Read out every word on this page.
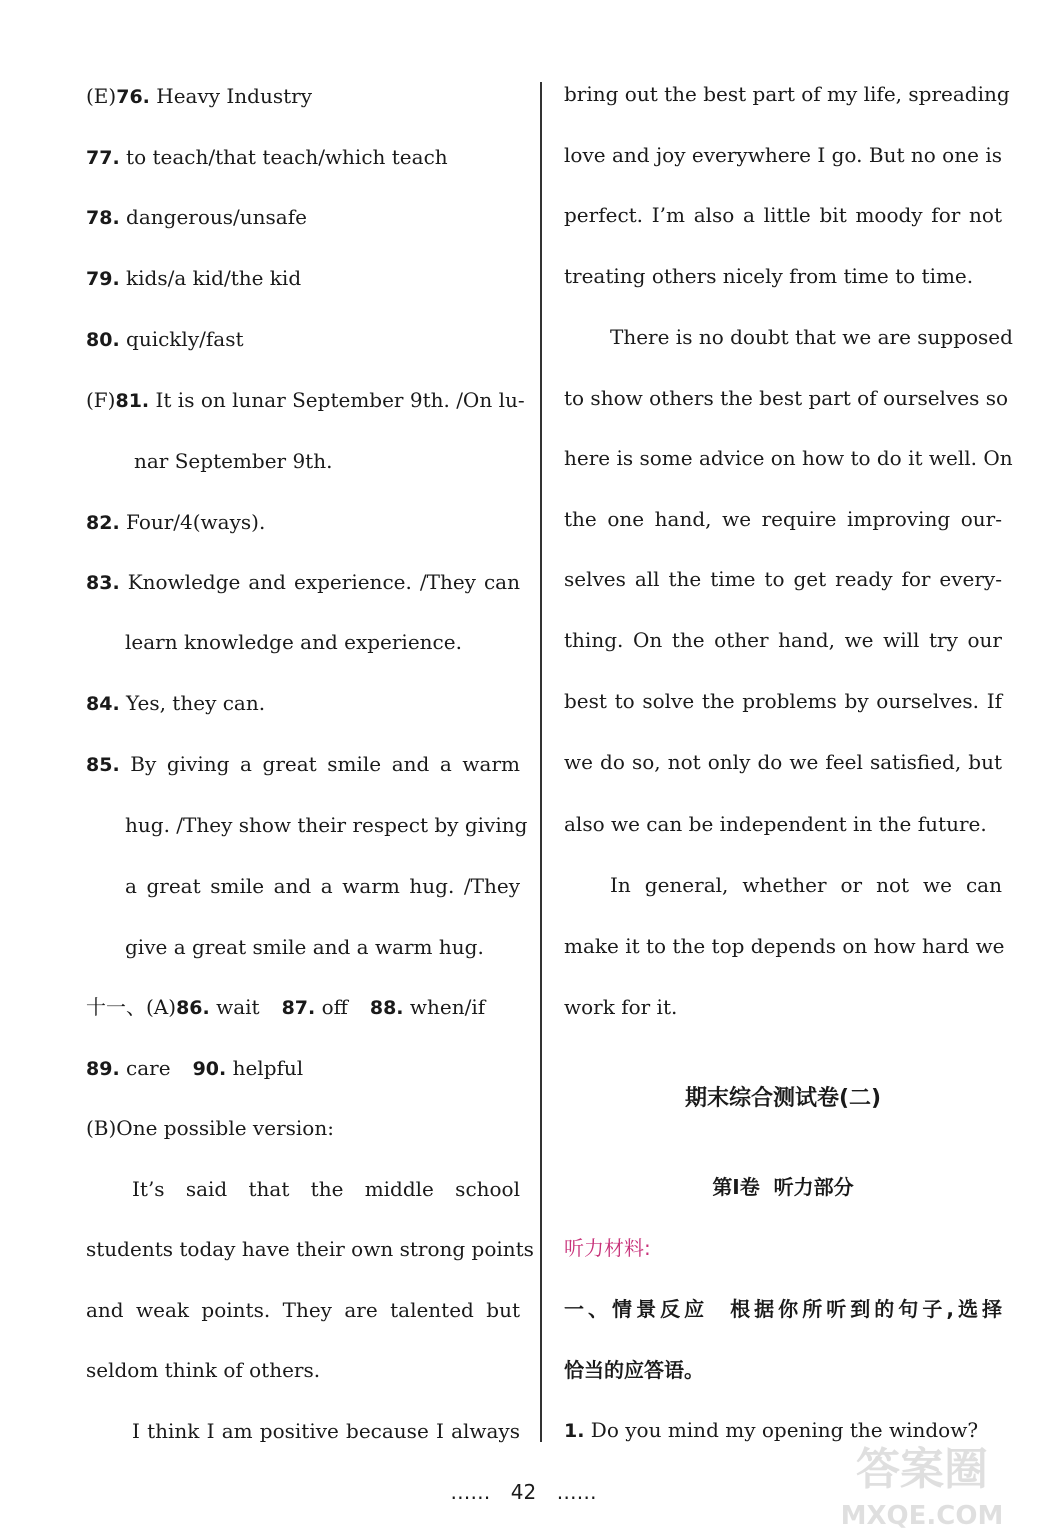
(E)76. Heavy Industry
77. to teach/that teach/which teach
78. dangerous/unsafe
79. kids/a kid/the kid
80. quickly/fast
(F)81. It is on lunar September 9th. /On lu-
nar September 9th.
82. Four/4(ways).
83. Knowledge and experience. /They can
learn knowledge and experience.
84. Yes, they can.
85. By giving a great smile and a warm
hug. /They show their respect by giving
a great smile and a warm hug. /They
give a great smile and a warm hug.
十一、(A)86. wait 87. off 88. when/if
89. care 90. helpful
(B)One possible version:
It’s said that the middle school
students today have their own strong points
and weak points. They are talented but
seldom think of others.
I think I am positive because I always
bring out the best part of my life, spreading
love and joy everywhere I go. But no one is
perfect. I’m also a little bit moody for not
treating others nicely from time to time.
There is no doubt that we are supposed
to show others the best part of ourselves so
here is some advice on how to do it well. On
the one hand, we require improving our-
selves all the time to get ready for every-
thing. On the other hand, we will try our
best to solve the problems by ourselves. If
we do so, not only do we feel satisfied, but
also we can be independent in the future.
In general, whether or not we can
make it to the top depends on how hard we
work for it.
期末综合测试卷(二)
第Ⅰ卷  听力部分
听力材料:
一、情景反应  根据你所听到的句子,选择
恰当的应答语。
1. Do you mind my opening the window?
…… 42 ……	答案圈
MXQE.COM
